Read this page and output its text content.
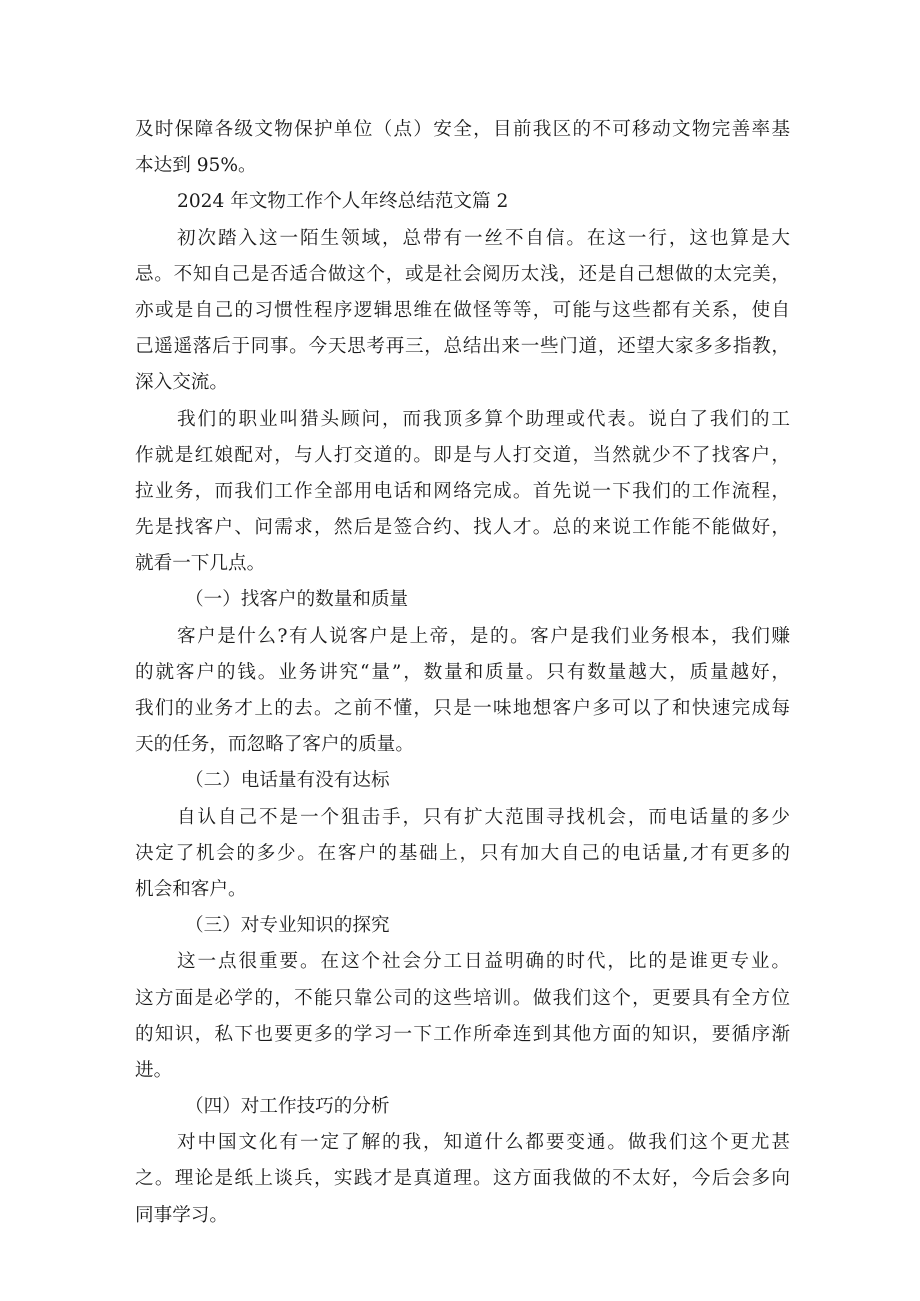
及时保障各级文物保护单位（点）安全，目前我区的不可移动文物完善率基
本达到 95%。
2024 年文物工作个人年终总结范文篇 2
初次踏入这一陌生领域，总带有一丝不自信。在这一行，这也算是大
忌。不知自己是否适合做这个，或是社会阅历太浅，还是自己想做的太完美，
亦或是自己的习惯性程序逻辑思维在做怪等等，可能与这些都有关系，使自
己遥遥落后于同事。今天思考再三，总结出来一些门道，还望大家多多指教，
深入交流。
我们的职业叫猎头顾问，而我顶多算个助理或代表。说白了我们的工
作就是红娘配对，与人打交道的。即是与人打交道，当然就少不了找客户，
拉业务，而我们工作全部用电话和网络完成。首先说一下我们的工作流程，
先是找客户、问需求，然后是签合约、找人才。总的来说工作能不能做好，
就看一下几点。
（一）找客户的数量和质量
客户是什么?有人说客户是上帝，是的。客户是我们业务根本，我们赚
的就客户的钱。业务讲究“量”，数量和质量。只有数量越大，质量越好，
我们的业务才上的去。之前不懂，只是一味地想客户多可以了和快速完成每
天的任务，而忽略了客户的质量。
（二）电话量有没有达标
自认自己不是一个狙击手，只有扩大范围寻找机会，而电话量的多少
决定了机会的多少。在客户的基础上，只有加大自己的电话量,才有更多的
机会和客户。
（三）对专业知识的探究
这一点很重要。在这个社会分工日益明确的时代，比的是谁更专业。
这方面是必学的，不能只靠公司的这些培训。做我们这个，更要具有全方位
的知识，私下也要更多的学习一下工作所牵连到其他方面的知识，要循序渐
进。
（四）对工作技巧的分析
对中国文化有一定了解的我，知道什么都要变通。做我们这个更尤甚
之。理论是纸上谈兵，实践才是真道理。这方面我做的不太好，今后会多向
同事学习。
